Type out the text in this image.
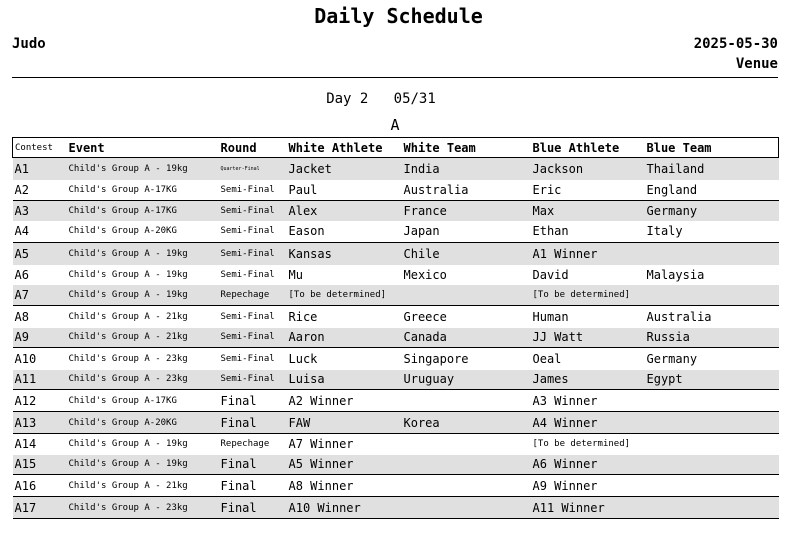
Daily Schedule
Judo	2025-05-30
Venue
Day 2 05/31
A
Contest	Event	Round	White Athlete	White Team	Blue Athlete	Blue Team
A1	Child's Group A - 19kg	Quarter-Final	Jacket	India	Jackson	Thailand
A2	Child's Group A-17KG	Semi-Final	Paul	Australia	Eric	England
A3	Child's Group A-17KG	Semi-Final	Alex	France	Max	Germany
A4	Child's Group A-20KG	Semi-Final	Eason	Japan	Ethan	Italy
A5	Child's Group A - 19kg	Semi-Final	Kansas	Chile	A1 Winner	
A6	Child's Group A - 19kg	Semi-Final	Mu	Mexico	David	Malaysia
A7	Child's Group A - 19kg	Repechage	[To be determined]		[To be determined]	
A8	Child's Group A - 21kg	Semi-Final	Rice	Greece	Human	Australia
A9	Child's Group A - 21kg	Semi-Final	Aaron	Canada	JJ Watt	Russia
A10	Child's Group A - 23kg	Semi-Final	Luck	Singapore	Oeal	Germany
A11	Child's Group A - 23kg	Semi-Final	Luisa	Uruguay	James	Egypt
A12	Child's Group A-17KG	Final	A2 Winner		A3 Winner	
A13	Child's Group A-20KG	Final	FAW	Korea	A4 Winner	
A14	Child's Group A - 19kg	Repechage	A7 Winner		[To be determined]	
A15	Child's Group A - 19kg	Final	A5 Winner		A6 Winner	
A16	Child's Group A - 21kg	Final	A8 Winner		A9 Winner	
A17	Child's Group A - 23kg	Final	A10 Winner		A11 Winner	
